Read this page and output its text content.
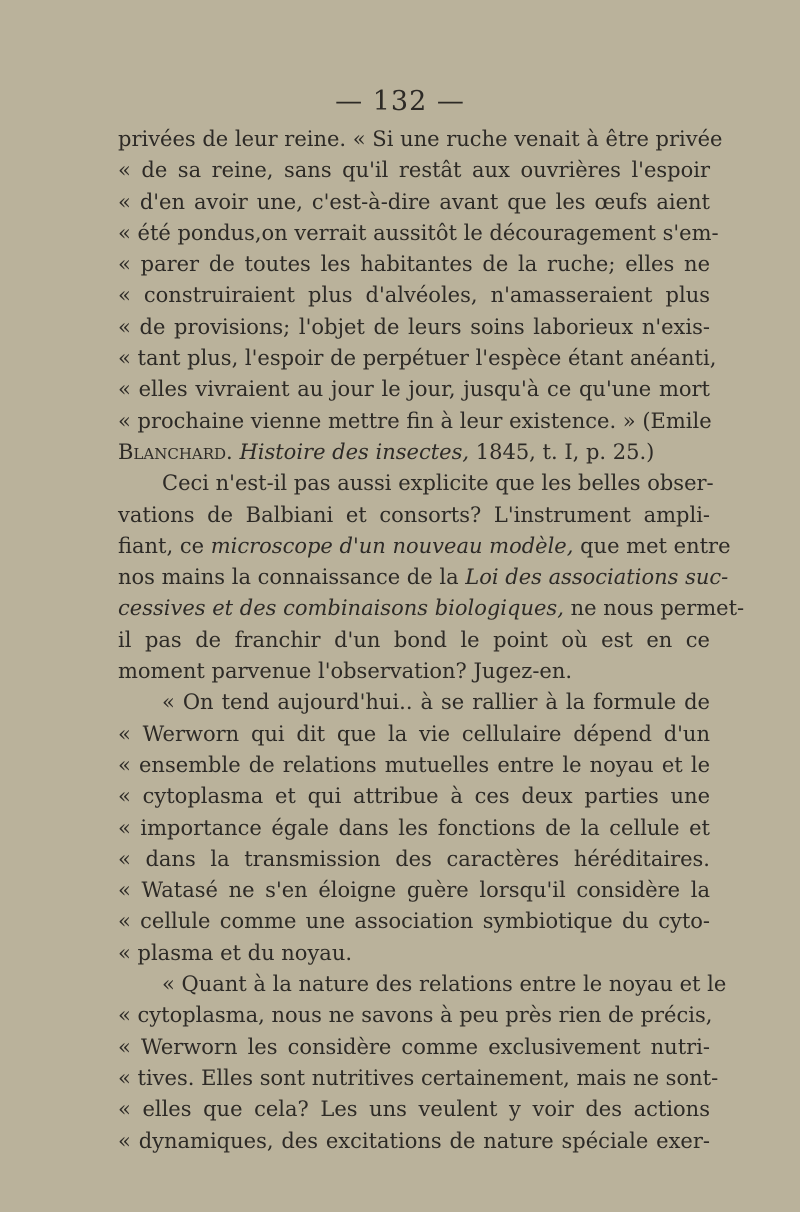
— 132 —
privées de leur reine. « Si une ruche venait à être privée
« de sa reine, sans qu'il restât aux ouvrières l'espoir
« d'en avoir une, c'est-à-dire avant que les œufs aient
« été pondus,on verrait aussitôt le découragement s'em-
« parer de toutes les habitantes de la ruche; elles ne
« construiraient plus d'alvéoles, n'amasseraient plus
« de provisions; l'objet de leurs soins laborieux n'exis-
« tant plus, l'espoir de perpétuer l'espèce étant anéanti,
« elles vivraient au jour le jour, jusqu'à ce qu'une mort
« prochaine vienne mettre fin à leur existence. » (Emile
Blanchard. Histoire des insectes, 1845, t. I, p. 25.)
Ceci n'est-il pas aussi explicite que les belles obser-
vations de Balbiani et consorts? L'instrument ampli-
fiant, ce microscope d'un nouveau modèle, que met entre
nos mains la connaissance de la Loi des associations suc-
cessives et des combinaisons biologiques, ne nous permet-
il pas de franchir d'un bond le point où est en ce
moment parvenue l'observation? Jugez-en.
« On tend aujourd'hui.. à se rallier à la formule de
« Werworn qui dit que la vie cellulaire dépend d'un
« ensemble de relations mutuelles entre le noyau et le
« cytoplasma et qui attribue à ces deux parties une
« importance égale dans les fonctions de la cellule et
« dans la transmission des caractères héréditaires.
« Watasé ne s'en éloigne guère lorsqu'il considère la
« cellule comme une association symbiotique du cyto-
« plasma et du noyau.
« Quant à la nature des relations entre le noyau et le
« cytoplasma, nous ne savons à peu près rien de précis,
« Werworn les considère comme exclusivement nutri-
« tives. Elles sont nutritives certainement, mais ne sont-
« elles que cela? Les uns veulent y voir des actions
« dynamiques, des excitations de nature spéciale exer-
